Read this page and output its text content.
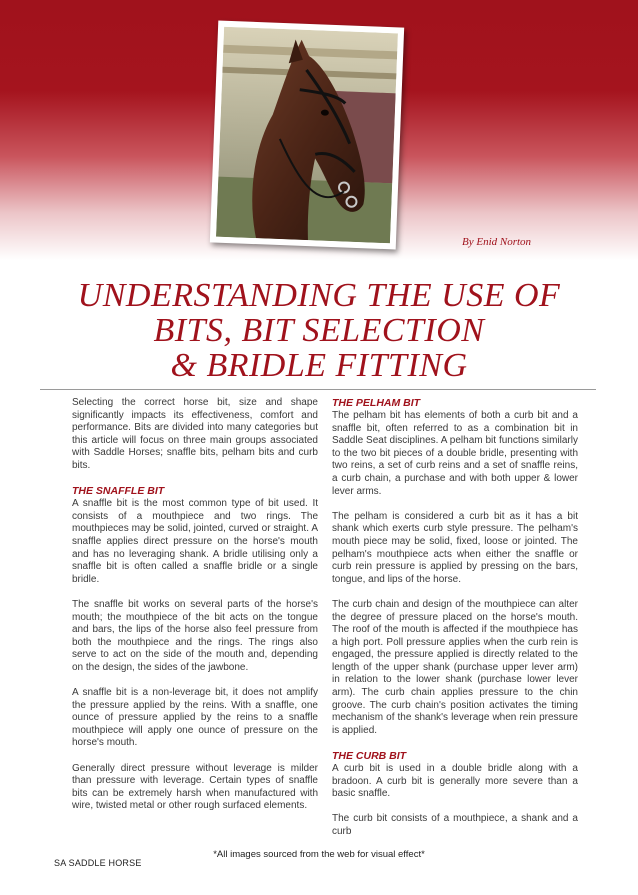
By Enid Norton
UNDERSTANDING THE USE OF
BITS, BIT SELECTION
& BRIDLE FITTING

Selecting the correct horse bit, size and shape significantly impacts its effectiveness, comfort and performance. Bits are divided into many categories but this article will focus on three main groups associated with Saddle Horses; snaffle bits, pelham bits and curb bits.

THE SNAFFLE BIT

A snaffle bit is the most common type of bit used. It consists of a mouthpiece and two rings. The mouthpieces may be solid, jointed, curved or straight. A snaffle applies direct pressure on the horse's mouth and has no leveraging shank. A bridle utilising only a snaffle bit is often called a snaffle bridle or a single bridle.

The snaffle bit works on several parts of the horse's mouth; the mouthpiece of the bit acts on the tongue and bars, the lips of the horse also feel pressure from both the mouthpiece and the rings. The rings also serve to act on the side of the mouth and, depending on the design, the sides of the jawbone.

A snaffle bit is a non-leverage bit, it does not amplify the pressure applied by the reins. With a snaffle, one ounce of pressure applied by the reins to a snaffle mouthpiece will apply one ounce of pressure on the horse's mouth.

Generally direct pressure without leverage is milder than pressure with leverage. Certain types of snaffle bits can be extremely harsh when manufactured with wire, twisted metal or other rough surfaced elements.

THE PELHAM BIT

The pelham bit has elements of both a curb bit and a snaffle bit, often referred to as a combination bit in Saddle Seat disciplines. A pelham bit functions similarly to the two bit pieces of a double bridle, presenting with two reins, a set of curb reins and a set of snaffle reins, a curb chain, a purchase and with both upper & lower lever arms.

The pelham is considered a curb bit as it has a bit shank which exerts curb style pressure. The pelham's mouth piece may be solid, fixed, loose or jointed. The pelham's mouthpiece acts when either the snaffle or curb rein pressure is applied by pressing on the bars, tongue, and lips of the horse.

The curb chain and design of the mouthpiece can alter the degree of pressure placed on the horse's mouth. The roof of the mouth is affected if the mouthpiece has a high port. Poll pressure applies when the curb rein is engaged, the pressure applied is directly related to the length of the upper shank (purchase upper lever arm) in relation to the lower shank (purchase lower lever arm). The curb chain applies pressure to the chin groove. The curb chain's position activates the timing mechanism of the shank's leverage when rein pressure is applied.

THE CURB BIT

A curb bit is used in a double bridle along with a bradoon. A curb bit is generally more severe than a basic snaffle.

The curb bit consists of a mouthpiece, a shank and a curb

*All images sourced from the web for visual effect*
SA SADDLE HORSE
